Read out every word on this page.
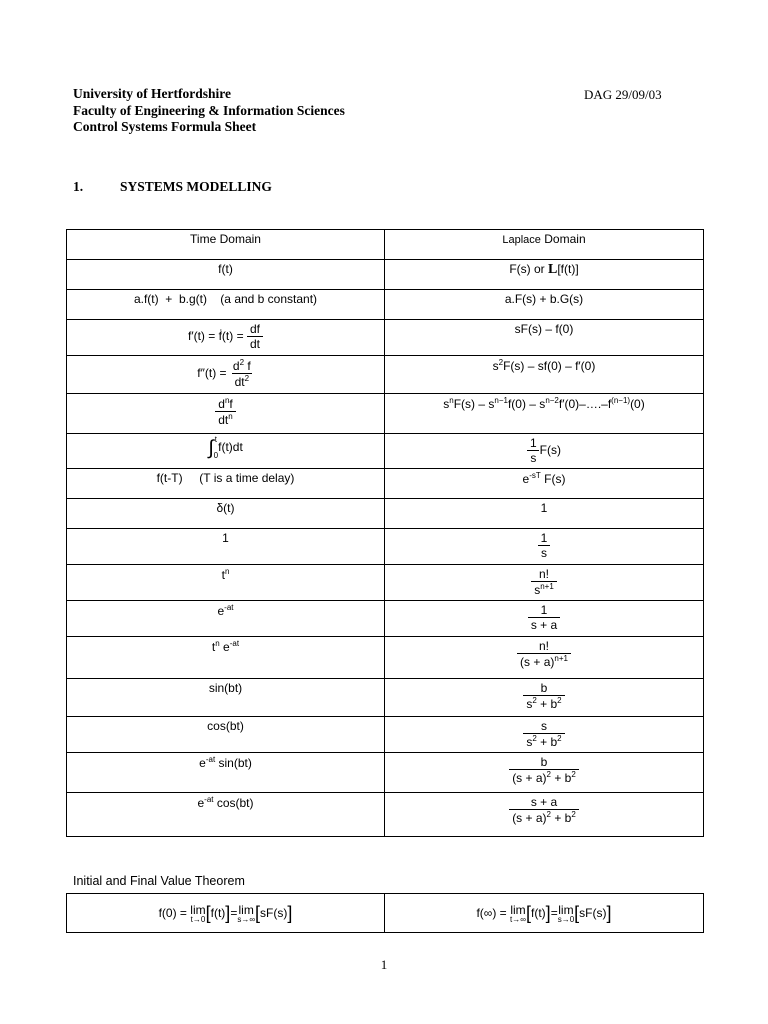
University of Hertfordshire
Faculty of Engineering & Information Sciences
Control Systems Formula Sheet
DAG 29/09/03
1.	SYSTEMS MODELLING
Time Domain	Laplace Domain
f(t)	F(s) or L[f(t)]
a.f(t)  +  b.g(t)    (a and b constant)	a.F(s) + b.G(s)
f′(t) = ḟ(t) = $\frac{df}{dt}$	sF(s) – f(0)
$f''(t) = \frac{d^2 f}{dt^2}$	$s^2F(s) - sf(0) - f'(0)$

$d^nf$
$dt^n$	$s^nF(s) - s^{n-1}f(0)$ – $s^{n-2}f'(0)-\dots.-f^{(n-1)}(0)$
∫ t
0
f(t)dt	$\frac{1}{s} F(s)$
f(t-T)     (T is a time delay)	$e^{-sT}$ F(s)
δ(t)	1
1	$\frac{1}{s}$

$t^n$	$\frac{n!}{s^{n+1}}$

$e^{-at}$	$\frac{1}{s + a}$

$t^n$ $e^{-at}$	$\frac{n!}{(s + a)^{n+1}}$

sin(bt)	$\frac{b}{s^2 + b^2}$

cos(bt)	$\frac{s}{s^2 + b^2}$

$e^{-at}$ sin(bt)	$\frac{b}{(s + a)^2 + b^2}$

$e^{-at}$ cos(bt)	$\frac{s + a}{(s + a)^2 + b^2}$
Initial and Final Value Theorem
f(0) = lim
t→0 [f(t)]= lim
s→∞ [sF(s)]	f(∞) = lim
t→∞ [f(t)]= lim
s→0 [sF(s)]
1
